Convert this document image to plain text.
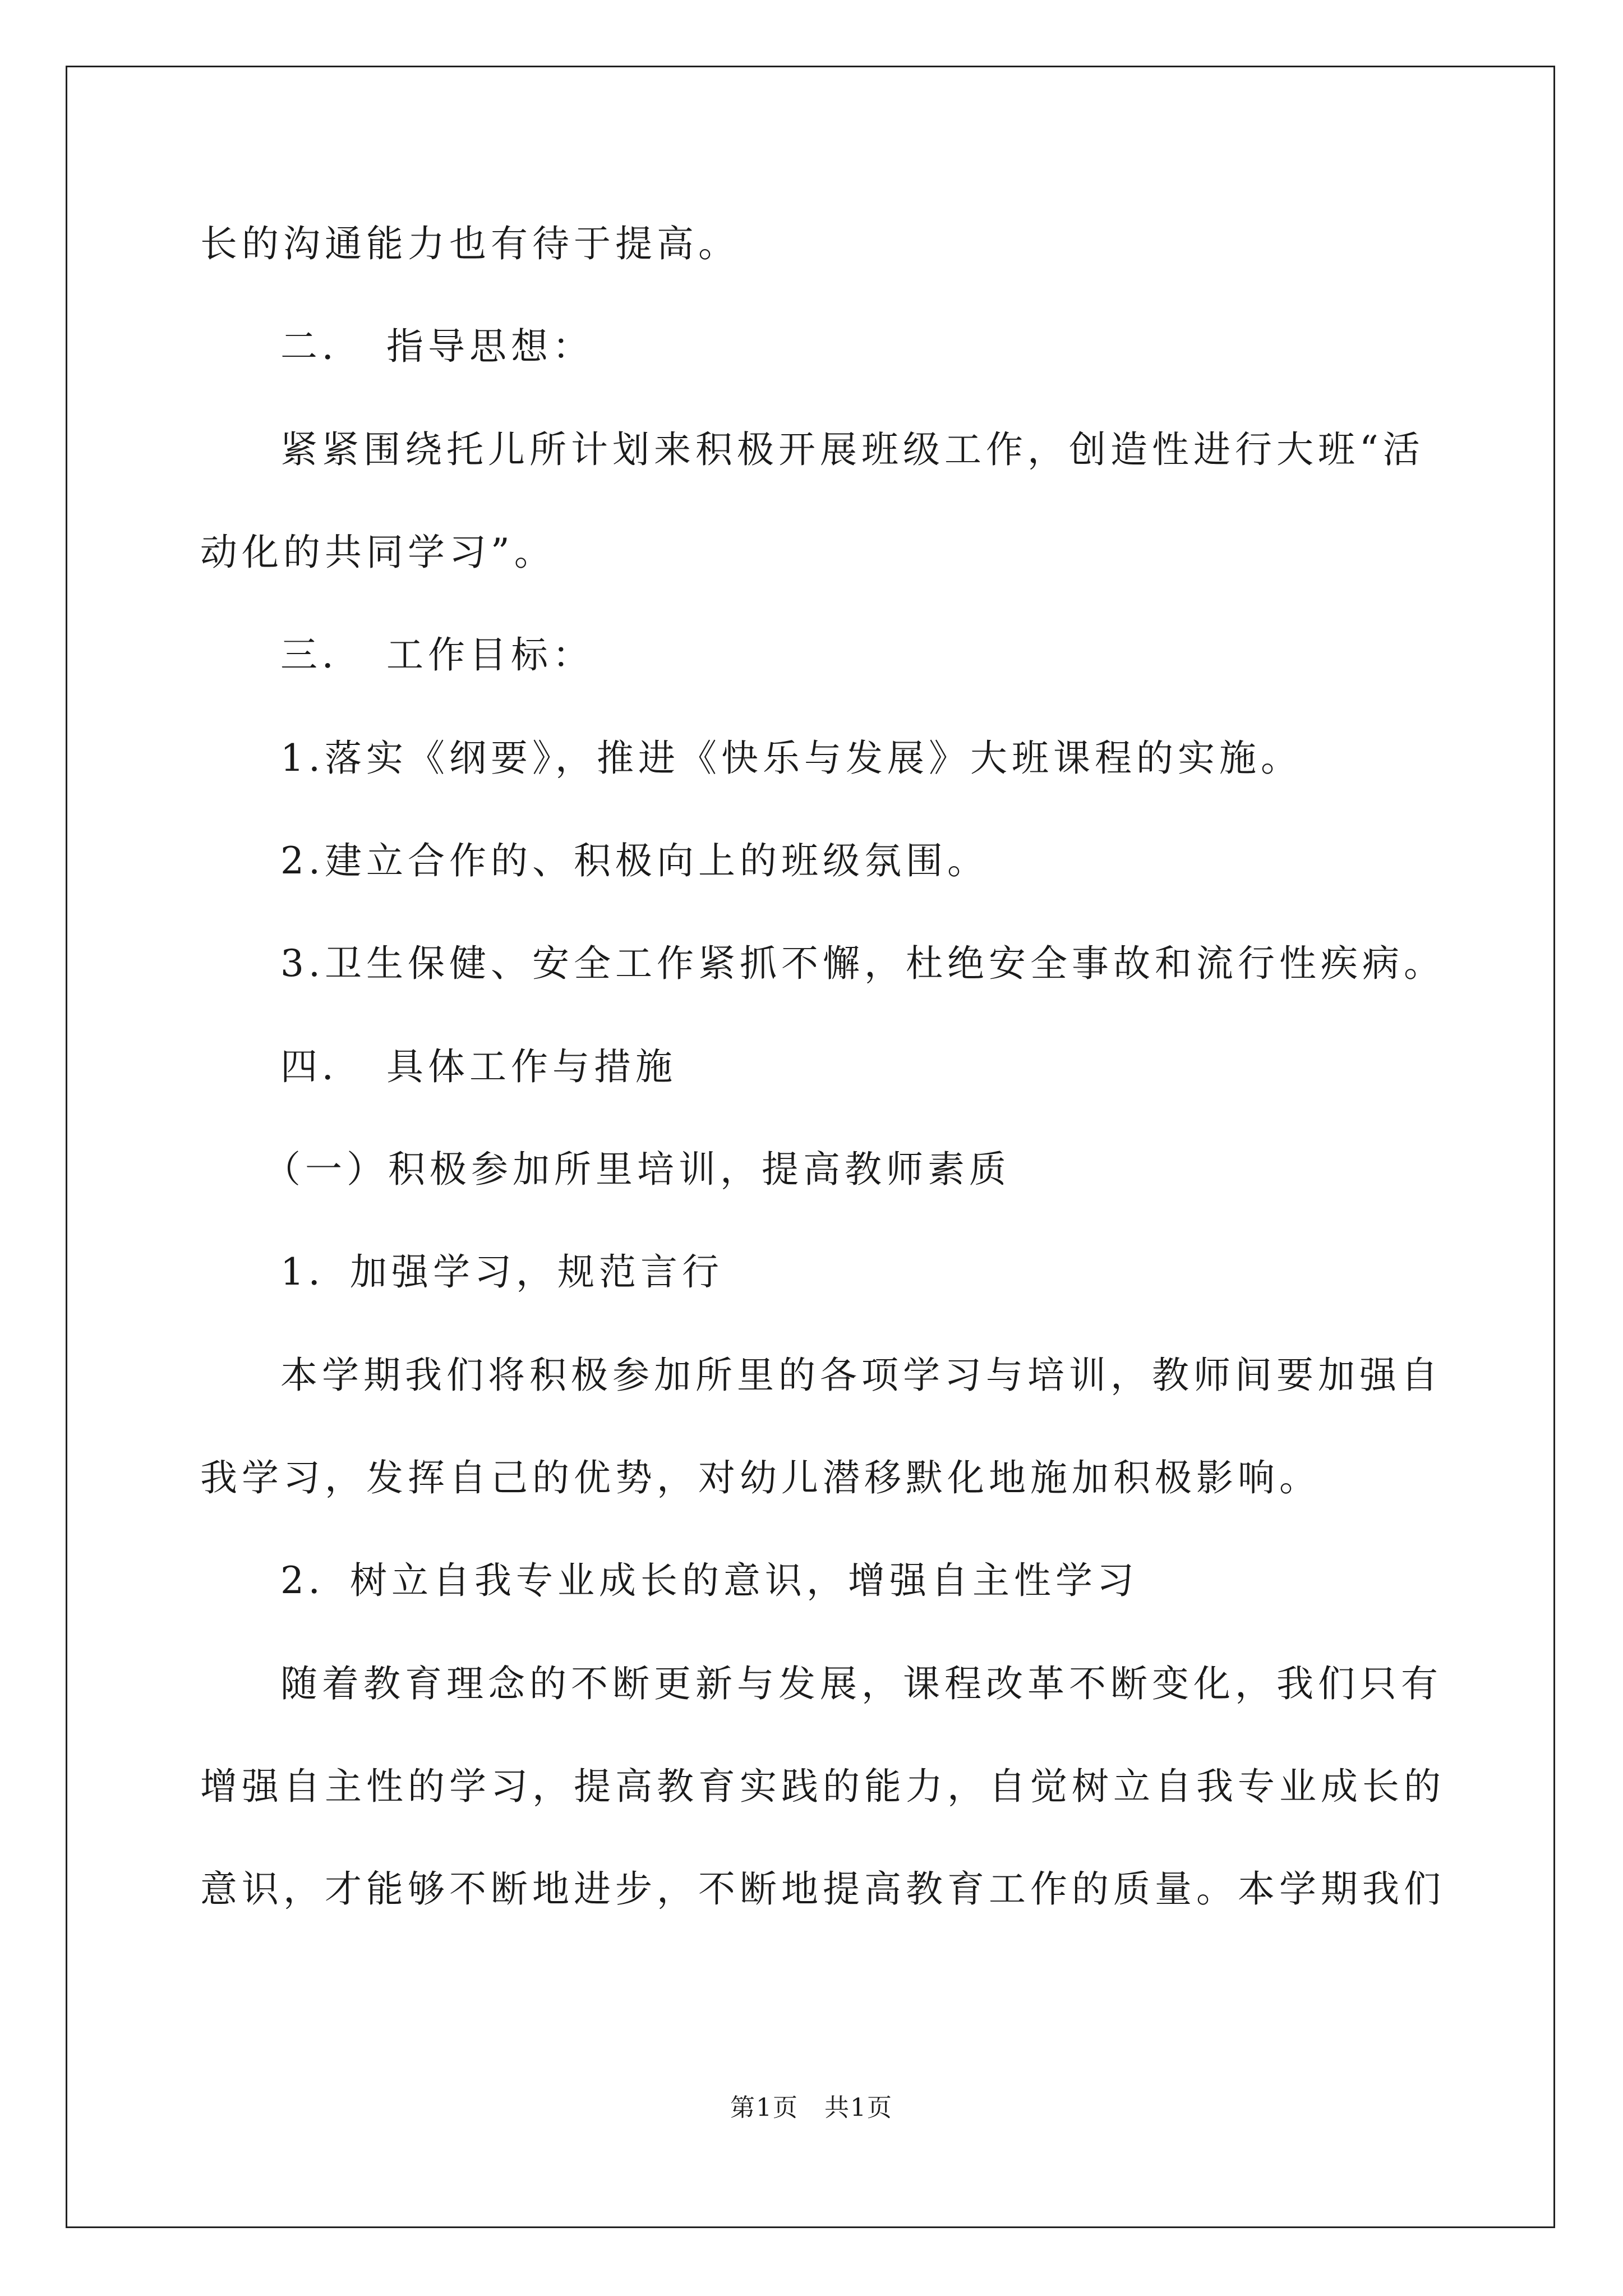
长的沟通能力也有待于提高。
二．　指导思想：
紧紧围绕托儿所计划来积极开展班级工作，创造性进行大班“活
动化的共同学习”。
三．　工作目标：
1.落实《纲要》，推进《快乐与发展》大班课程的实施。
2.建立合作的、积极向上的班级氛围。
3.卫生保健、安全工作紧抓不懈，杜绝安全事故和流行性疾病。
四．　具体工作与措施
（一）积极参加所里培训，提高教师素质
1．加强学习，规范言行
本学期我们将积极参加所里的各项学习与培训，教师间要加强自
我学习，发挥自己的优势，对幼儿潜移默化地施加积极影响。
2．树立自我专业成长的意识，增强自主性学习
随着教育理念的不断更新与发展，课程改革不断变化，我们只有
增强自主性的学习，提高教育实践的能力，自觉树立自我专业成长的
意识，才能够不断地进步，不断地提高教育工作的质量。本学期我们
第1页　共1页
